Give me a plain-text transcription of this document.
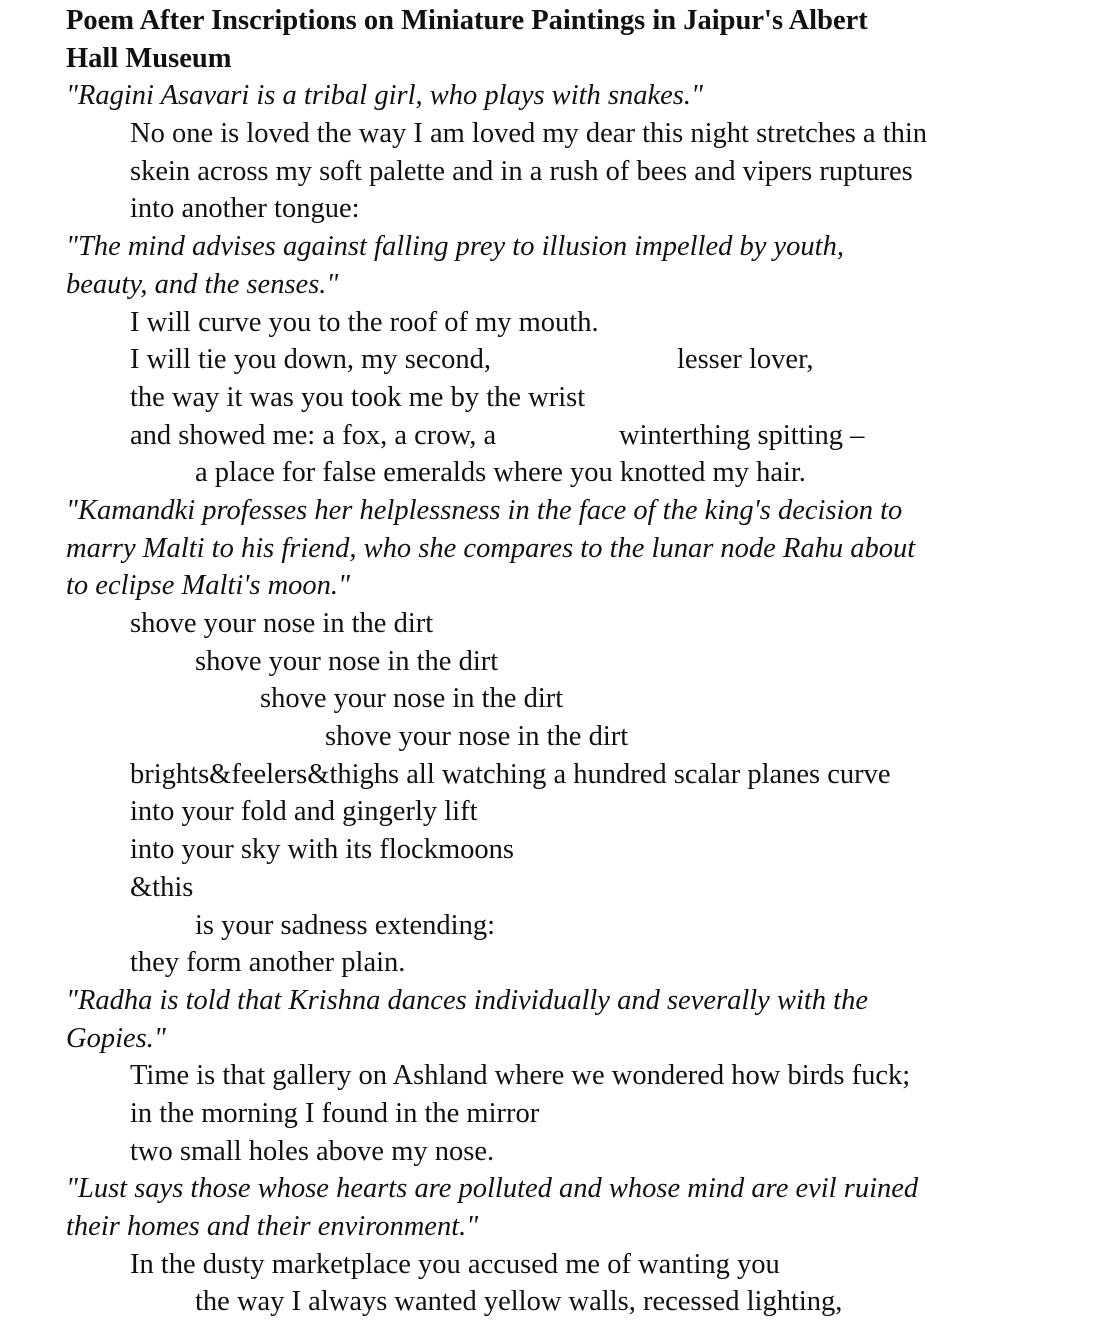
Poem After Inscriptions on Miniature Paintings in Jaipur's Albert
Hall Museum
"Ragini Asavari is a tribal girl, who plays with snakes."
No one is loved the way I am loved my dear this night stretches a thin
skein across my soft palette and in a rush of bees and vipers ruptures
into another tongue:
"The mind advises against falling prey to illusion impelled by youth,
beauty, and the senses."
I will curve you to the roof of my mouth.
I will tie you down, my second,	lesser lover,
the way it was you took me by the wrist
and showed me: a fox, a crow, a	winterthing spitting –
a place for false emeralds where you knotted my hair.
"Kamandki professes her helplessness in the face of the king's decision to
marry Malti to his friend, who she compares to the lunar node Rahu about
to eclipse Malti's moon."
shove your nose in the dirt
shove your nose in the dirt
shove your nose in the dirt
shove your nose in the dirt
brights&feelers&thighs all watching a hundred scalar planes curve
into your fold and gingerly lift
into your sky with its flockmoons
&this
is your sadness extending:
they form another plain.
"Radha is told that Krishna dances individually and severally with the
Gopies."
Time is that gallery on Ashland where we wondered how birds fuck;
in the morning I found in the mirror
two small holes above my nose.
"Lust says those whose hearts are polluted and whose mind are evil ruined
their homes and their environment."
In the dusty marketplace you accused me of wanting you
the way I always wanted yellow walls, recessed lighting,
